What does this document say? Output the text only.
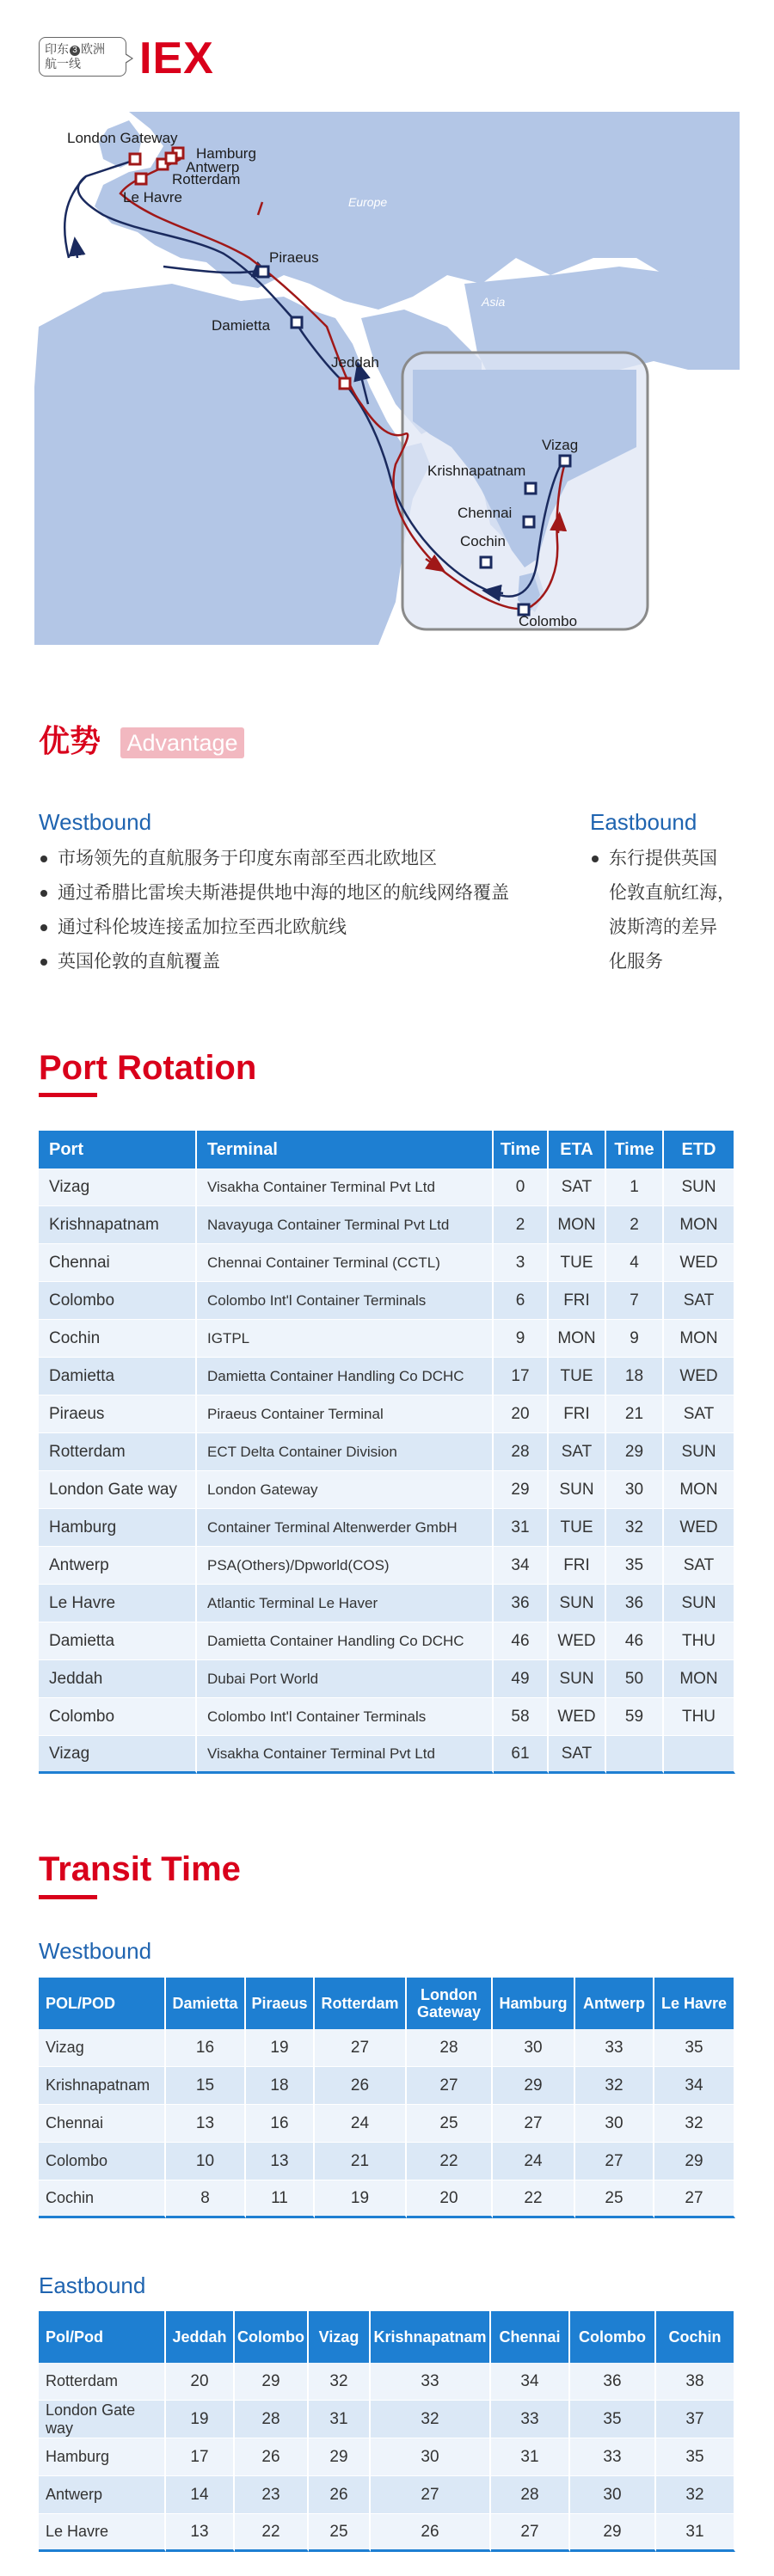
印东 3 欧洲
航一线	IEX
London Gateway
Hamburg
Antwerp
Rotterdam
Le Havre
Piraeus
Damietta
Jeddah
Vizag
Krishnapatnam
Chennai
Cochin
Colombo
Europe
Asia
优势 Advantage
Westbound	Eastbound
市场领先的直航服务于印度东南部至西北欧地区
通过希腊比雷埃夫斯港提供地中海的地区的航线网络覆盖
通过科伦坡连接孟加拉至西北欧航线
英国伦敦的直航覆盖
东行提供英国
伦敦直航红海，
波斯湾的差异
化服务
Port Rotation
Port	Terminal	Time	ETA	Time	ETD
Vizag	Visakha Container Terminal Pvt Ltd	0	SAT	1	SUN
Krishnapatnam	Navayuga Container Terminal Pvt Ltd	2	MON	2	MON
Chennai	Chennai Container Terminal (CCTL)	3	TUE	4	WED
Colombo	Colombo Int'l Container Terminals	6	FRI	7	SAT
Cochin	IGTPL	9	MON	9	MON
Damietta	Damietta Container Handling Co DCHC	17	TUE	18	WED
Piraeus	Piraeus Container Terminal	20	FRI	21	SAT
Rotterdam	ECT Delta Container Division	28	SAT	29	SUN
London Gate way	London Gateway	29	SUN	30	MON
Hamburg	Container Terminal Altenwerder GmbH	31	TUE	32	WED
Antwerp	PSA(Others)/Dpworld(COS)	34	FRI	35	SAT
Le Havre	Atlantic Terminal Le Haver	36	SUN	36	SUN
Damietta	Damietta Container Handling Co DCHC	46	WED	46	THU
Jeddah	Dubai Port World	49	SUN	50	MON
Colombo	Colombo Int'l Container Terminals	58	WED	59	THU
Vizag	Visakha Container Terminal Pvt Ltd	61	SAT		
Transit Time
Westbound
POL/POD	Damietta	Piraeus	Rotterdam	London Gateway	Hamburg	Antwerp	Le Havre
Vizag	16	19	27	28	30	33	35
Krishnapatnam	15	18	26	27	29	32	34
Chennai	13	16	24	25	27	30	32
Colombo	10	13	21	22	24	27	29
Cochin	8	11	19	20	22	25	27
Eastbound
Pol/Pod	Jeddah	Colombo	Vizag	Krishnapatnam	Chennai	Colombo	Cochin
Rotterdam	20	29	32	33	34	36	38
London Gate way	19	28	31	32	33	35	37
Hamburg	17	26	29	30	31	33	35
Antwerp	14	23	26	27	28	30	32
Le Havre	13	22	25	26	27	29	31
